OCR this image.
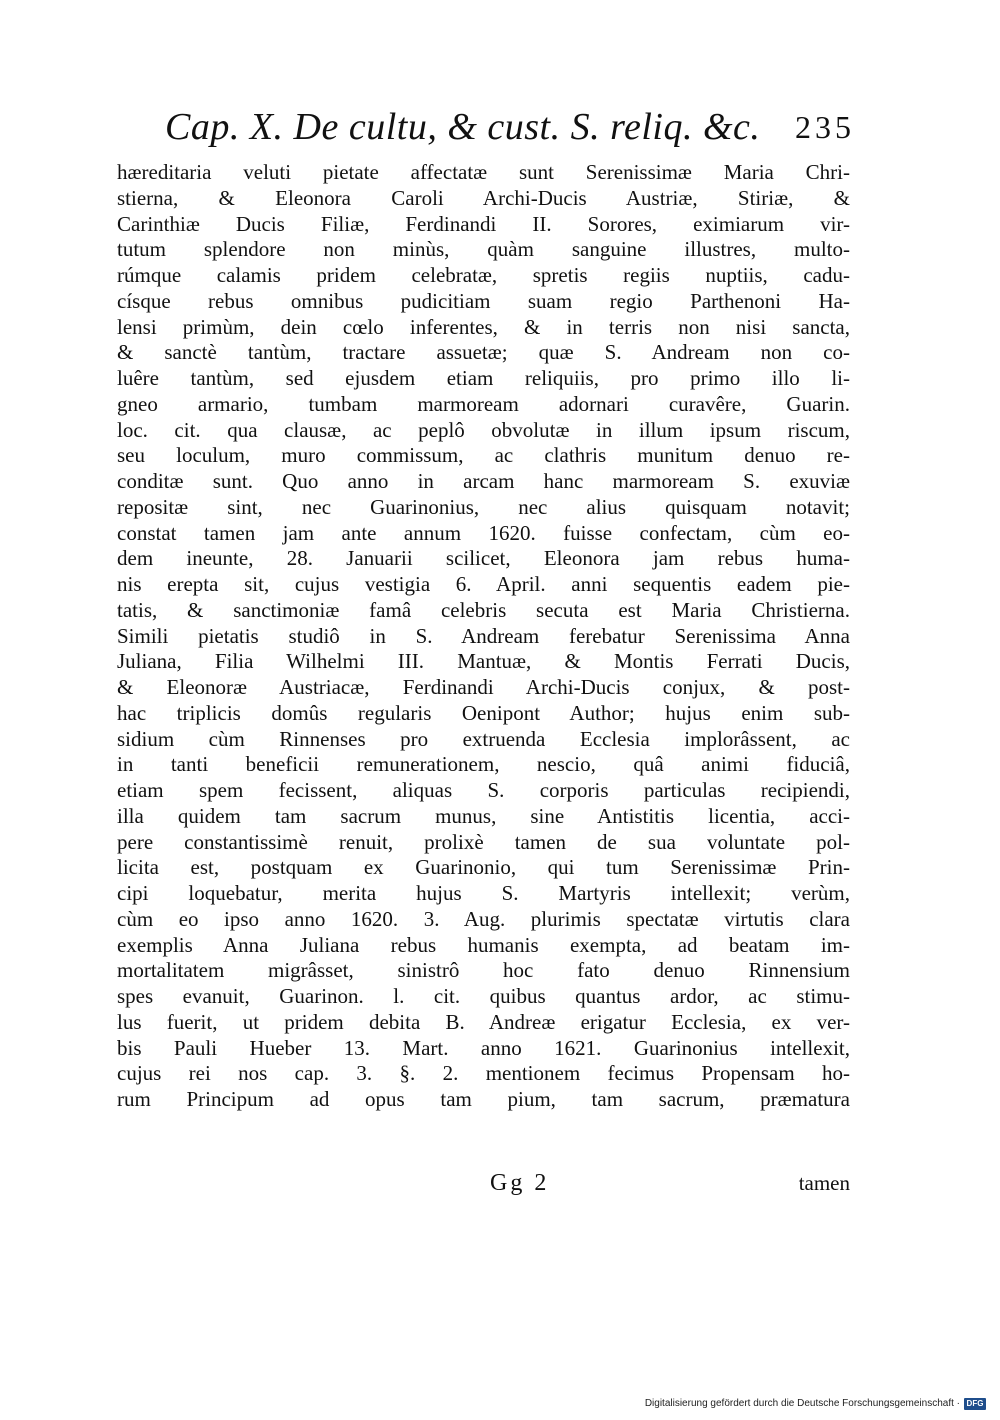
Cap. X. De cultu, & cust. S. reliq. &c. 235
hæreditaria veluti pietate affectatæ sunt Serenissimæ Maria Chri-
stierna, & Eleonora Caroli Archi-Ducis Austriæ, Stiriæ, &
Carinthiæ Ducis Filiæ, Ferdinandi II. Sorores, eximiarum vir-
tutum splendore non minùs, quàm sanguine illustres, multo-
rúmque calamis pridem celebratæ, spretis regiis nuptiis, cadu-
císque rebus omnibus pudicitiam suam regio Parthenoni Ha-
lensi primùm, dein cœlo inferentes, & in terris non nisi sancta,
& sanctè tantùm, tractare assuetæ; quæ S. Andream non co-
luêre tantùm, sed ejusdem etiam reliquiis, pro primo illo li-
gneo armario, tumbam marmoream adornari curavêre, Guarin.
loc. cit. qua clausæ, ac peplô obvolutæ in illum ipsum riscum,
seu loculum, muro commissum, ac clathris munitum denuo re-
conditæ sunt. Quo anno in arcam hanc marmoream S. exuviæ
repositæ sint, nec Guarinonius, nec alius quisquam notavit;
constat tamen jam ante annum 1620. fuisse confectam, cùm eo-
dem ineunte, 28. Januarii scilicet, Eleonora jam rebus huma-
nis erepta sit, cujus vestigia 6. April. anni sequentis eadem pie-
tatis, & sanctimoniæ famâ celebris secuta est Maria Christierna.
Simili pietatis studiô in S. Andream ferebatur Serenissima Anna
Juliana, Filia Wilhelmi III. Mantuæ, & Montis Ferrati Ducis,
& Eleonoræ Austriacæ, Ferdinandi Archi-Ducis conjux, & post-
hac triplicis domûs regularis Oenipont Author; hujus enim sub-
sidium cùm Rinnenses pro extruenda Ecclesia implorâssent, ac
in tanti beneficii remunerationem, nescio, quâ animi fiduciâ,
etiam spem fecissent, aliquas S. corporis particulas recipiendi,
illa quidem tam sacrum munus, sine Antistitis licentia, acci-
pere constantissimè renuit, prolixè tamen de sua voluntate pol-
licita est, postquam ex Guarinonio, qui tum Serenissimæ Prin-
cipi loquebatur, merita hujus S. Martyris intellexit; verùm,
cùm eo ipso anno 1620. 3. Aug. plurimis spectatæ virtutis clara
exemplis Anna Juliana rebus humanis exempta, ad beatam im-
mortalitatem migrâsset, sinistrô hoc fato denuo Rinnensium
spes evanuit, Guarinon. l. cit. quibus quantus ardor, ac stimu-
lus fuerit, ut pridem debita B. Andreæ erigatur Ecclesia, ex ver-
bis Pauli Hueber 13. Mart. anno 1621. Guarinonius intellexit,
cujus rei nos cap. 3. §. 2. mentionem fecimus Propensam ho-
rum Principum ad opus tam pium, tam sacrum, præmatura
Gg 2	tamen
Digitalisierung gefördert durch die Deutsche Forschungsgemeinschaft · DFG
